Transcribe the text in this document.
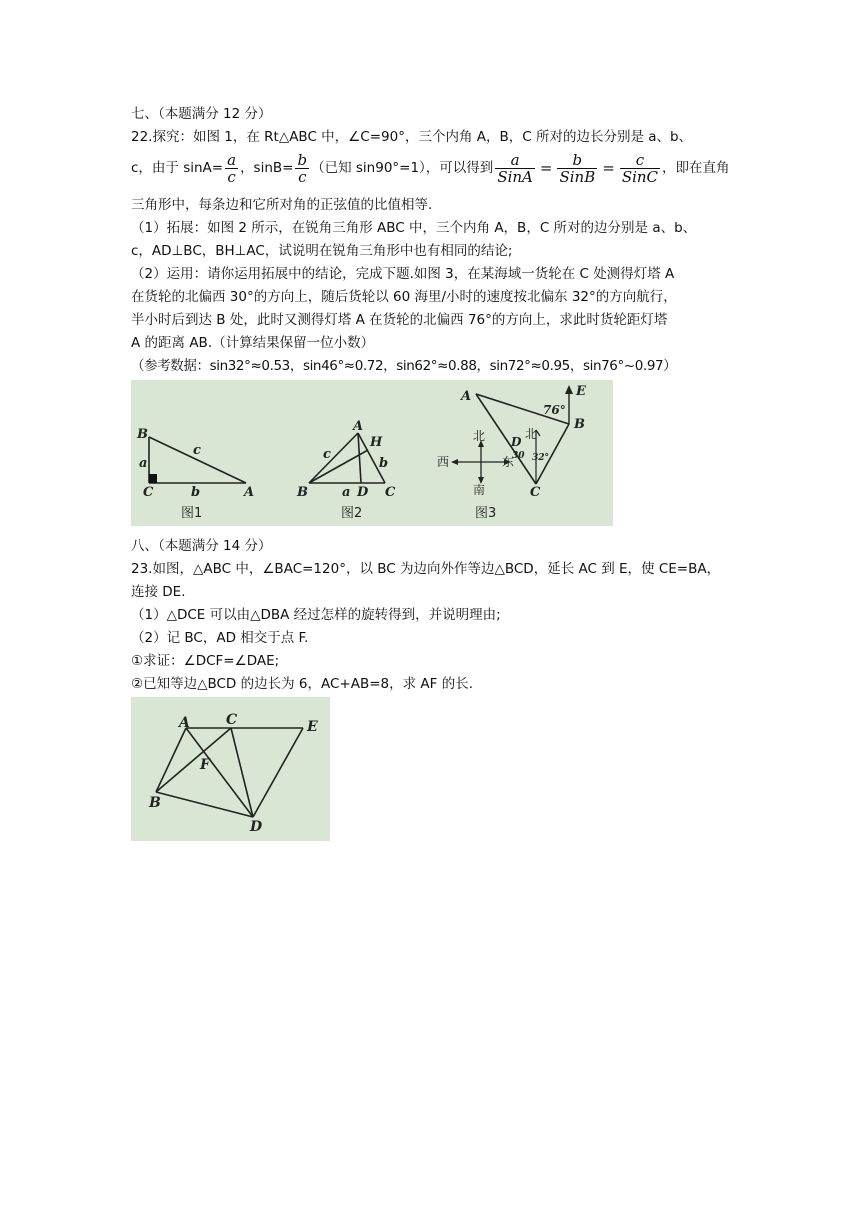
七、（本题满分 12 分）
22.探究：如图 1，在 Rt△ABC 中，∠C=90°，三个内角 A，B，C 所对的边长分别是 a、b、
c，由于 $\sin A= \frac{a}{c}$ ，$\sin B= \frac{b}{c}$ （已知 sin90°=1），可以得到 $\frac{a}{\text{SinA}} = \frac{b}{\text{SinB}} = \frac{c}{\text{SinC}}$ ，即在直角
三角形中，每条边和它所对角的正弦值的比值相等.
（1）拓展：如图 2 所示，在锐角三角形 ABC 中，三个内角 A，B，C 所对的边分别是 a、b、
c，AD⊥BC，BH⊥AC，试说明在锐角三角形中也有相同的结论;
（2）运用：请你运用拓展中的结论，完成下题.如图 3，在某海域一货轮在 C 处测得灯塔 A
在货轮的北偏西 30°的方向上，随后货轮以 60 海里/小时的速度按北偏东 32°的方向航行，
半小时后到达 B 处，此时又测得灯塔 A 在货轮的北偏西 76°的方向上，求此时货轮距灯塔
A 的距离 AB.（计算结果保留一位小数）
（参考数据：sin32°≈0.53，sin46°≈0.72，sin62°≈0.88，sin72°≈0.95，sin76°~0.97）
B
C	A
a
b
c
图1
A
H
B	C
D
a
b
c
图2
A
B
C
D
E
76°
30 32°
北	北
南
西	东
图3
八、（本题满分 14 分）
23.如图，△ABC 中，∠BAC=120°，以 BC 为边向外作等边△BCD，延长 AC 到 E，使 CE=BA，
连接 DE.
（1）△DCE 可以由△DBA 经过怎样的旋转得到，并说明理由;
（2）记 BC，AD 相交于点 F.
①求证：∠DCF=∠DAE;
②已知等边△BCD 的边长为 6，AC+AB=8，求 AF 的长.
A	C	E
F
B
D
